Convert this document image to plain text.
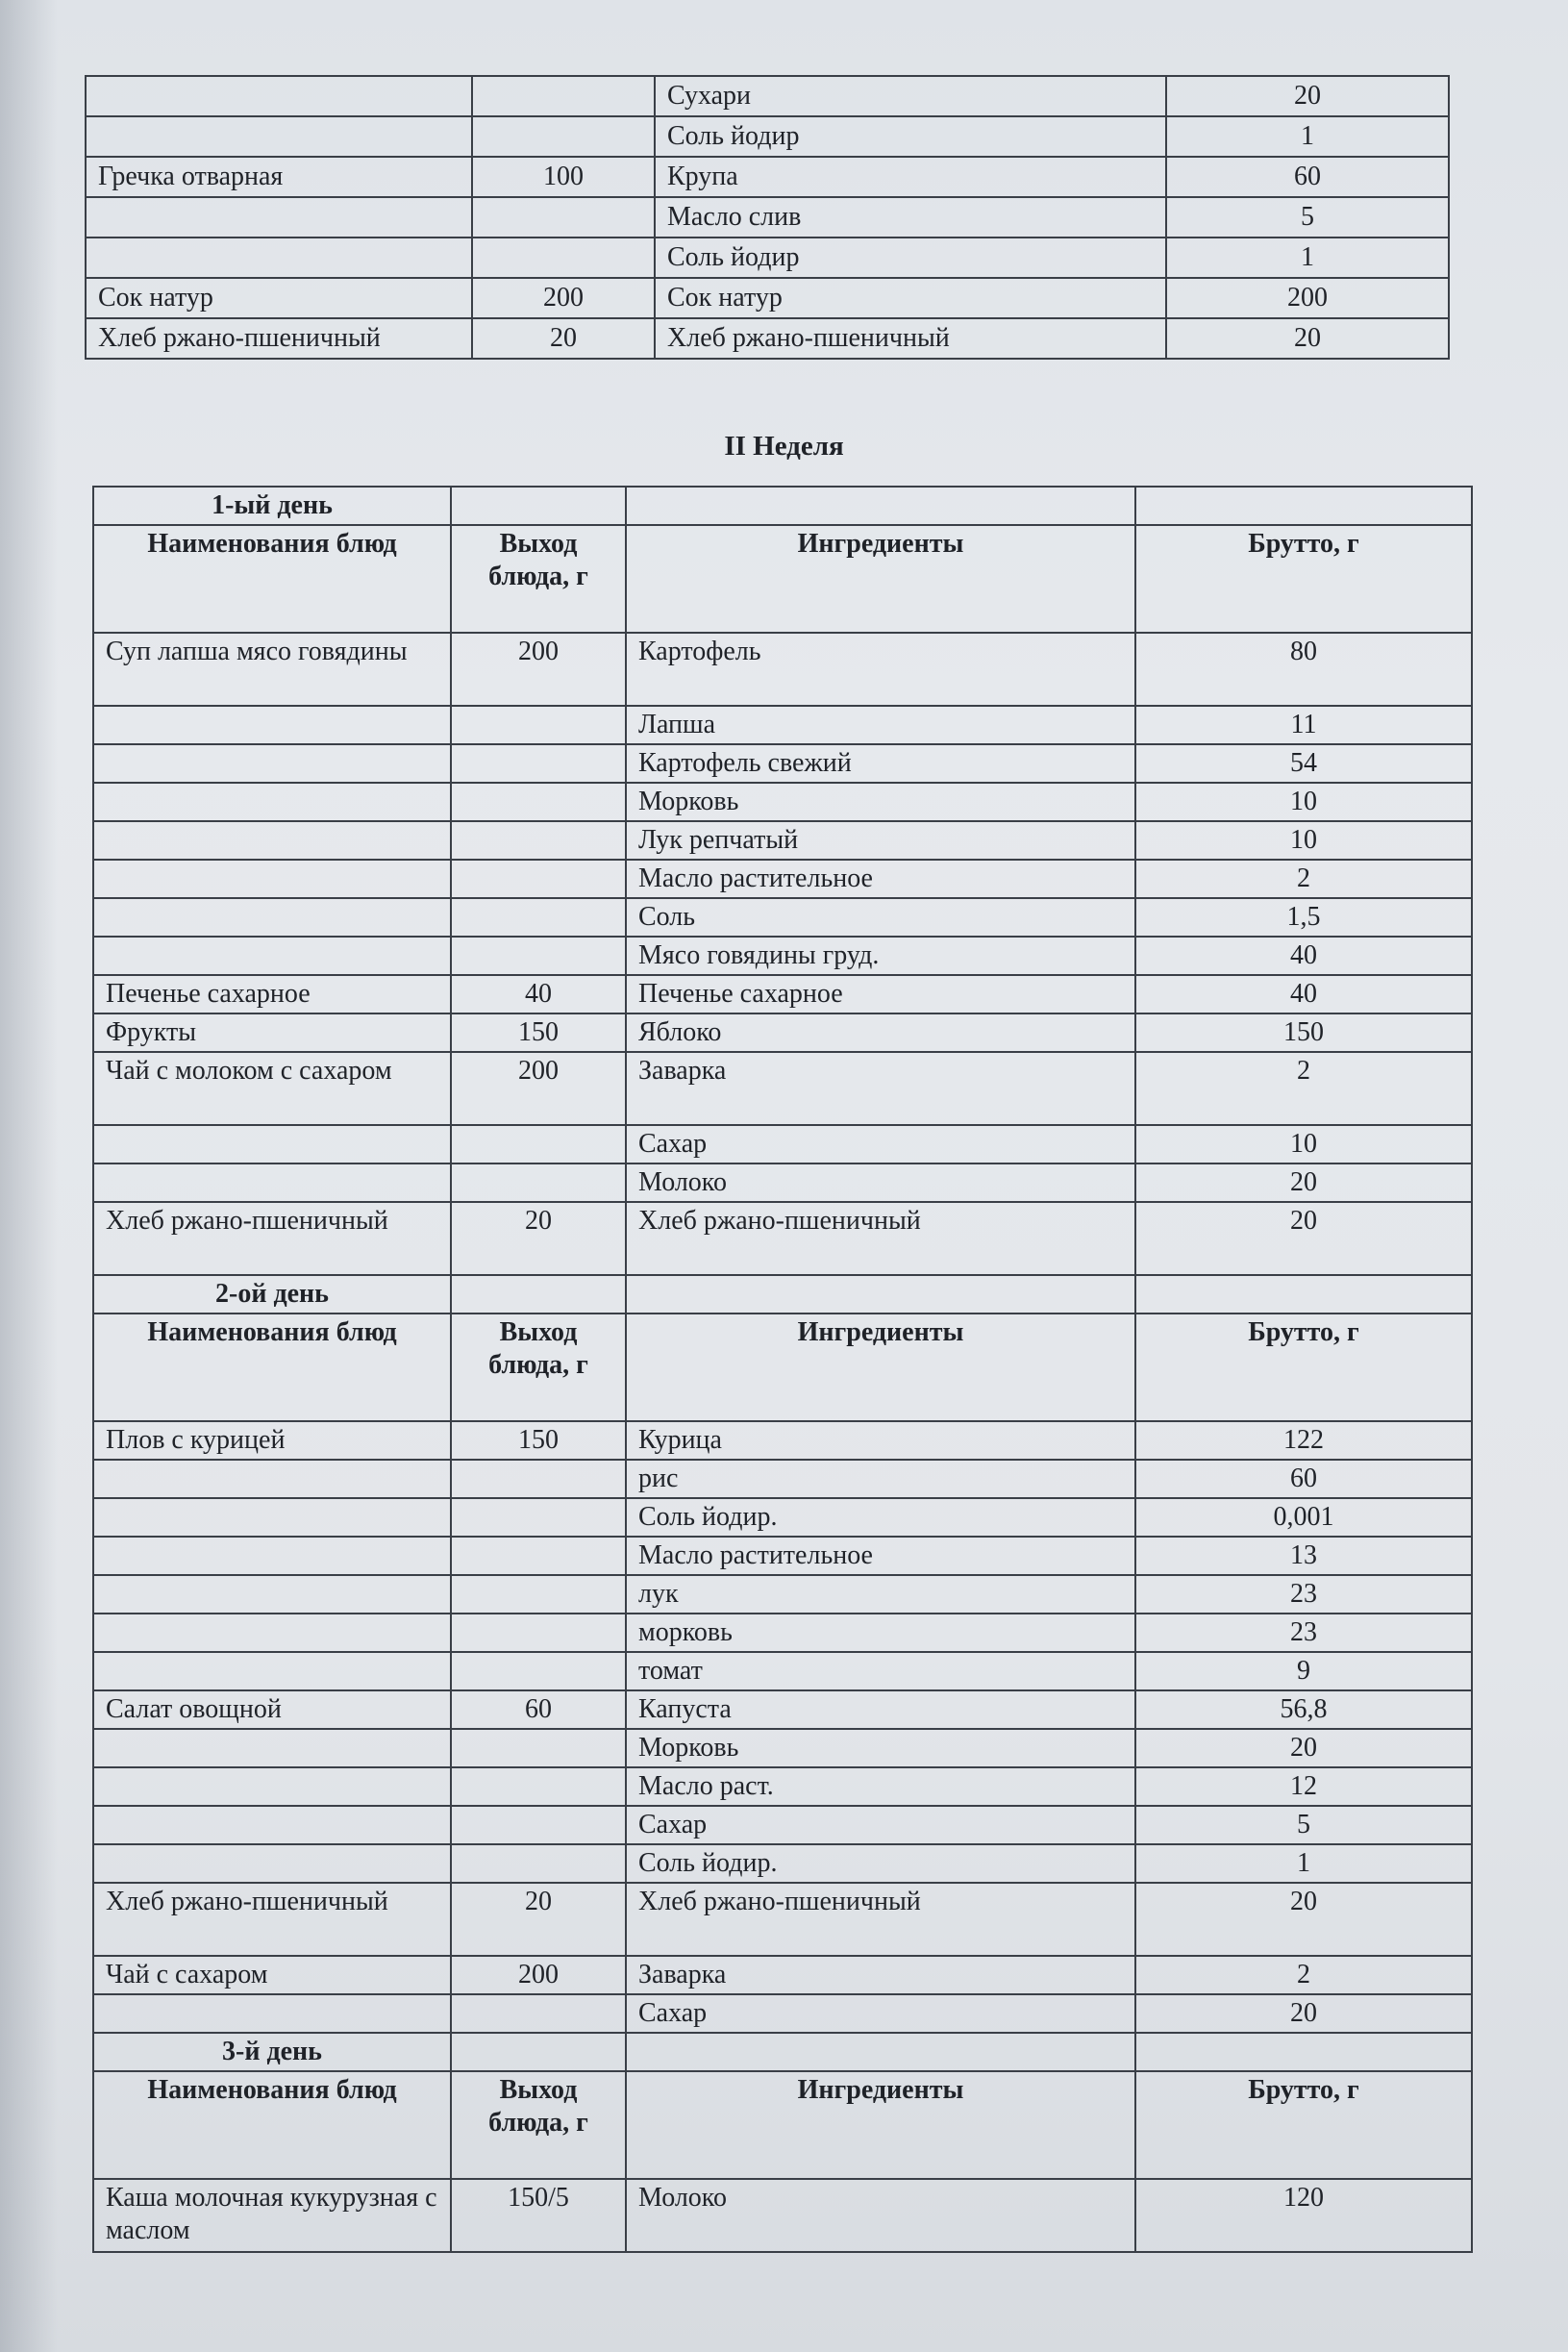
		Сухари	20
		Соль йодир	1
Гречка отварная	100	Крупа	60
		Масло слив	5
		Соль йодир	1
Сок натур	200	Сок натур	200
Хлеб ржано-пшеничный	20	Хлеб ржано-пшеничный	20
II Неделя
1-ый день			
Наименования блюд	Выход блюда, г	Ингредиенты	Брутто, г
Суп лапша мясо говядины	200	Картофель	80
		Лапша	11
		Картофель свежий	54
		Морковь	10
		Лук репчатый	10
		Масло растительное	2
		Соль	1,5
		Мясо говядины груд.	40
Печенье сахарное	40	Печенье сахарное	40
Фрукты	150	Яблоко	150
Чай с молоком с сахаром	200	Заварка	2
		Сахар	10
		Молоко	20
Хлеб ржано-пшеничный	20	Хлеб ржано-пшеничный	20
2-ой день			
Наименования блюд	Выход блюда, г	Ингредиенты	Брутто, г
Плов с курицей	150	Курица	122
		рис	60
		Соль йодир.	0,001
		Масло растительное	13
		лук	23
		морковь	23
		томат	9
Салат овощной	60	Капуста	56,8
		Морковь	20
		Масло раст.	12
		Сахар	5
		Соль йодир.	1
Хлеб ржано-пшеничный	20	Хлеб ржано-пшеничный	20
Чай с сахаром	200	Заварка	2
		Сахар	20
3-й день			
Наименования блюд	Выход блюда, г	Ингредиенты	Брутто, г
Каша молочная кукурузная с маслом	150/5	Молоко	120
